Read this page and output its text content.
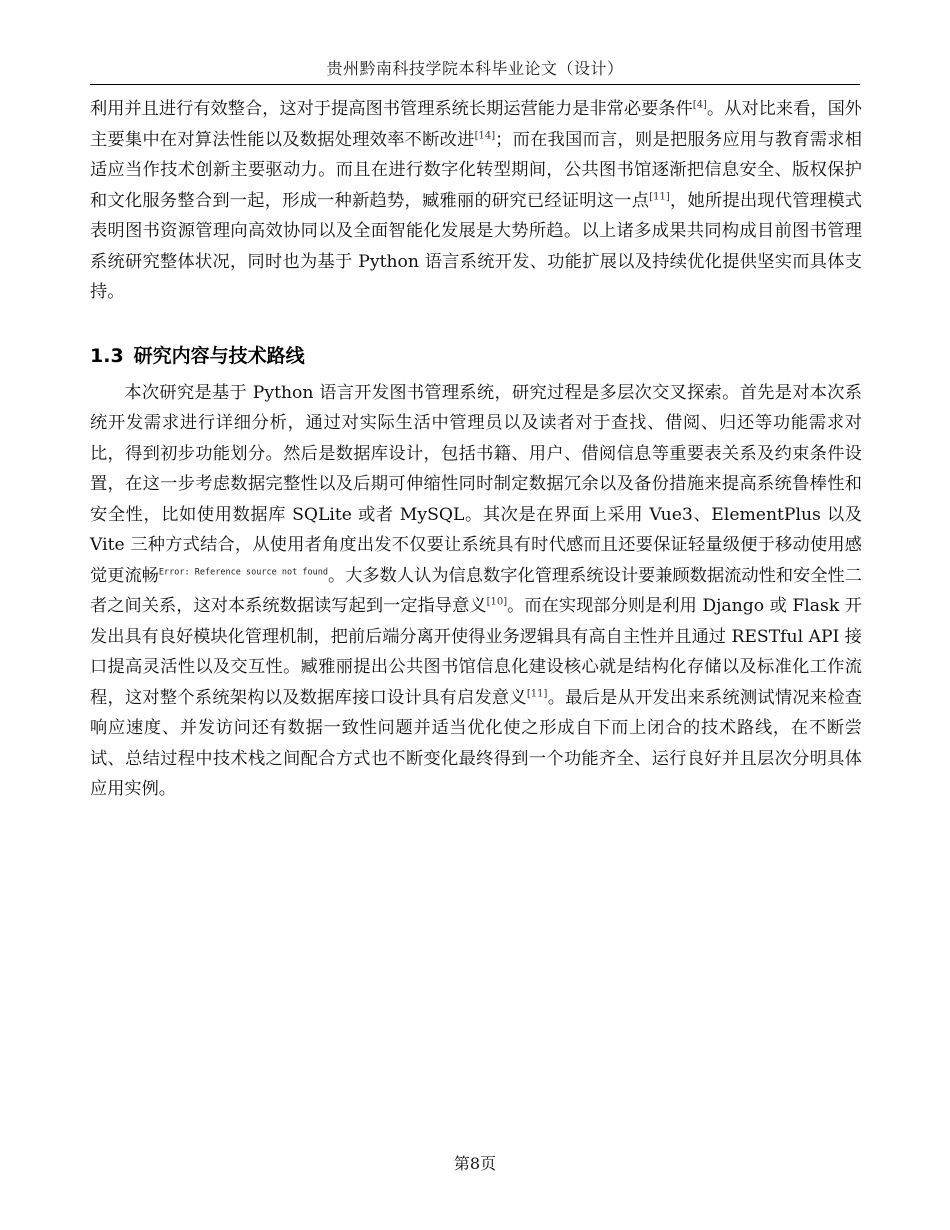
贵州黔南科技学院本科毕业论文（设计）

利用并且进行有效整合，这对于提高图书管理系统长期运营能力是非常必要条件[4]。从对比来看，国外主要集中在对算法性能以及数据处理效率不断改进[14]；而在我国而言，则是把服务应用与教育需求相适应当作技术创新主要驱动力。而且在进行数字化转型期间，公共图书馆逐渐把信息安全、版权保护和文化服务整合到一起，形成一种新趋势，臧雅丽的研究已经证明这一点[11]，她所提出现代管理模式表明图书资源管理向高效协同以及全面智能化发展是大势所趋。以上诸多成果共同构成目前图书管理系统研究整体状况，同时也为基于 Python 语言系统开发、功能扩展以及持续优化提供坚实而具体支持。

1.3 研究内容与技术路线

本次研究是基于 Python 语言开发图书管理系统，研究过程是多层次交叉探索。首先是对本次系统开发需求进行详细分析，通过对实际生活中管理员以及读者对于查找、借阅、归还等功能需求对比，得到初步功能划分。然后是数据库设计，包括书籍、用户、借阅信息等重要表关系及约束条件设置，在这一步考虑数据完整性以及后期可伸缩性同时制定数据冗余以及备份措施来提高系统鲁棒性和安全性，比如使用数据库 SQLite 或者 MySQL。其次是在界面上采用 Vue3、ElementPlus 以及 Vite 三种方式结合，从使用者角度出发不仅要让系统具有时代感而且还要保证轻量级便于移动使用感觉更流畅$^{Error: Reference source not found}$。大多数人认为信息数字化管理系统设计要兼顾数据流动性和安全性二者之间关系，这对本系统数据读写起到一定指导意义[10]。而在实现部分则是利用 Django 或 Flask 开发出具有良好模块化管理机制，把前后端分离开使得业务逻辑具有高自主性并且通过 RESTful API 接口提高灵活性以及交互性。臧雅丽提出公共图书馆信息化建设核心就是结构化存储以及标准化工作流程，这对整个系统架构以及数据库接口设计具有启发意义[11]。最后是从开发出来系统测试情况来检查响应速度、并发访问还有数据一致性问题并适当优化使之形成自下而上闭合的技术路线，在不断尝试、总结过程中技术栈之间配合方式也不断变化最终得到一个功能齐全、运行良好并且层次分明具体应用实例。

第8页
